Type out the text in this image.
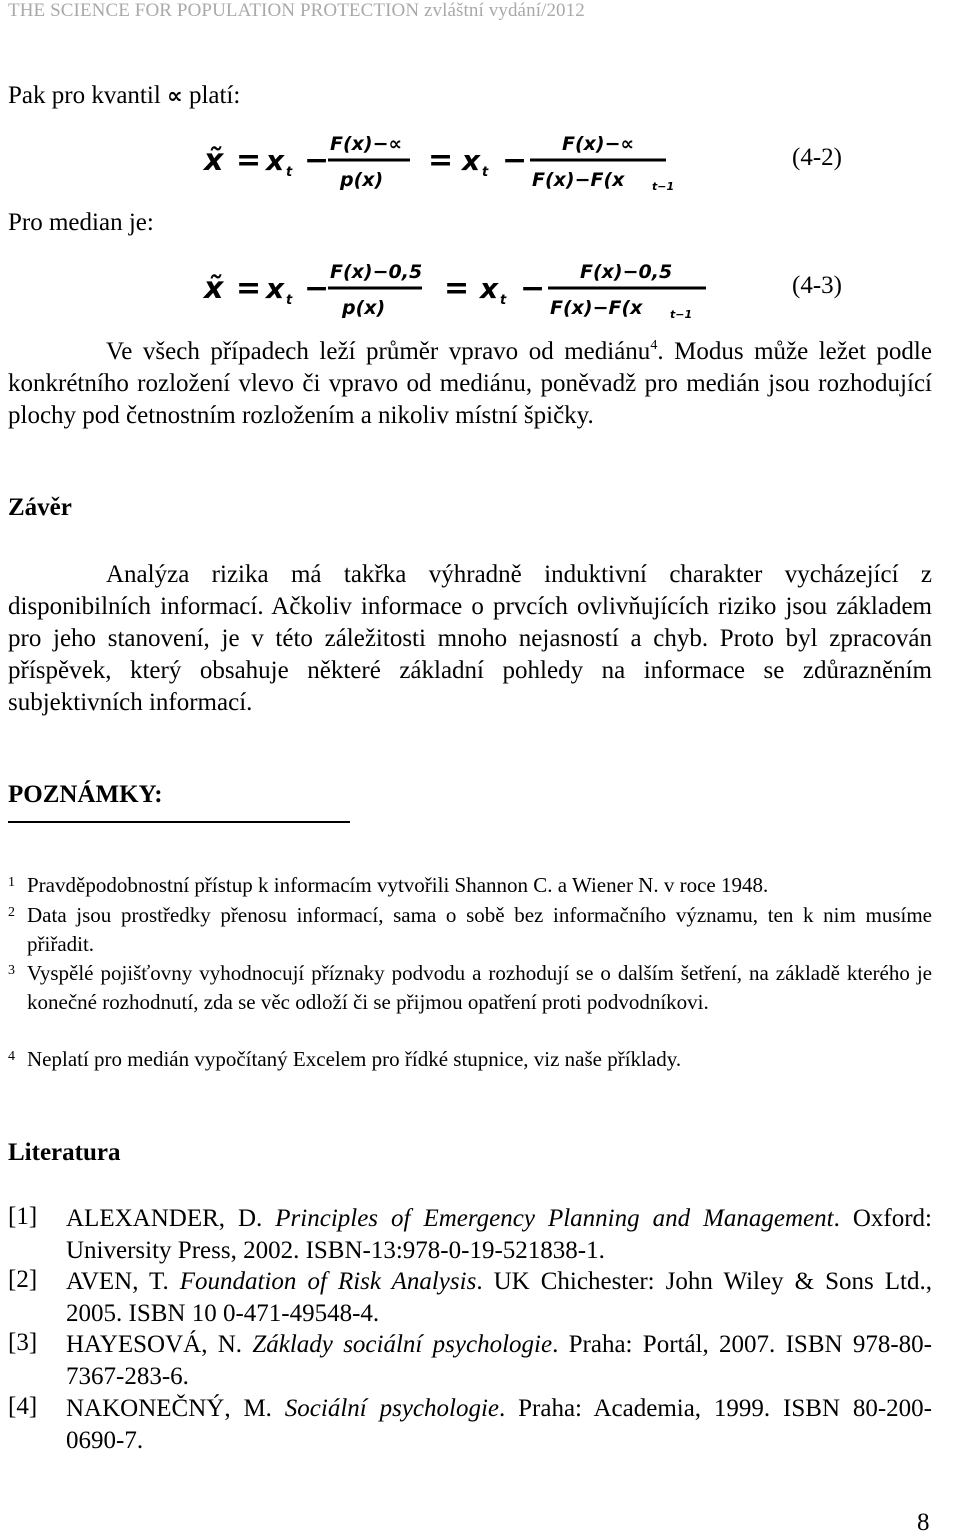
THE SCIENCE FOR POPULATION PROTECTION zvláštní vydání/2012
Pak pro kvantil ∝ platí:
x̃ = x t − F(x)−∝
p(x)
= x t − F(x)−∝
F(x)−F(x	t−1
(4-2)
Pro median je:
x̃ = x t − F(x)−0,5
p(x)
= x t − F(x)−0,5
F(x)−F(x	t−1
(4-3)
Ve všech případech leží průměr vpravo od mediánu$^4$. Modus může ležet podle konkrétního rozložení vlevo či vpravo od mediánu, poněvadž pro medián jsou rozhodující plochy pod četnostním rozložením a nikoliv místní špičky.
Závěr
Analýza rizika má takřka výhradně induktivní charakter vycházející z disponibilních informací. Ačkoliv informace o prvcích ovlivňujících riziko jsou základem pro jeho stanovení, je v této záležitosti mnoho nejasností a chyb. Proto byl zpracován příspěvek, který obsahuje některé základní pohledy na informace se zdůrazněním subjektivních informací.
POZNÁMKY:
1 Pravděpodobnostní přístup k informacím vytvořili Shannon C. a Wiener N. v roce 1948.
2 Data jsou prostředky přenosu informací, sama o sobě bez informačního významu, ten k nim musíme přiřadit.
3 Vyspělé pojišťovny vyhodnocují příznaky podvodu a rozhodují se o dalším šetření, na základě kterého je konečné rozhodnutí, zda se věc odloží či se přijmou opatření proti podvodníkovi.
4 Neplatí pro medián vypočítaný Excelem pro řídké stupnice, viz naše příklady.
Literatura
[1] ALEXANDER, D. Principles of Emergency Planning and Management. Oxford: University Press, 2002. ISBN-13:978-0-19-521838-1.
[2] AVEN, T. Foundation of Risk Analysis. UK Chichester: John Wiley & Sons Ltd., 2005. ISBN 10 0-471-49548-4.
[3] HAYESOVÁ, N. Základy sociální psychologie. Praha: Portál, 2007. ISBN 978-80-7367-283-6.
[4] NAKONEČNÝ, M. Sociální psychologie. Praha: Academia, 1999. ISBN 80-200-0690-7.
8
